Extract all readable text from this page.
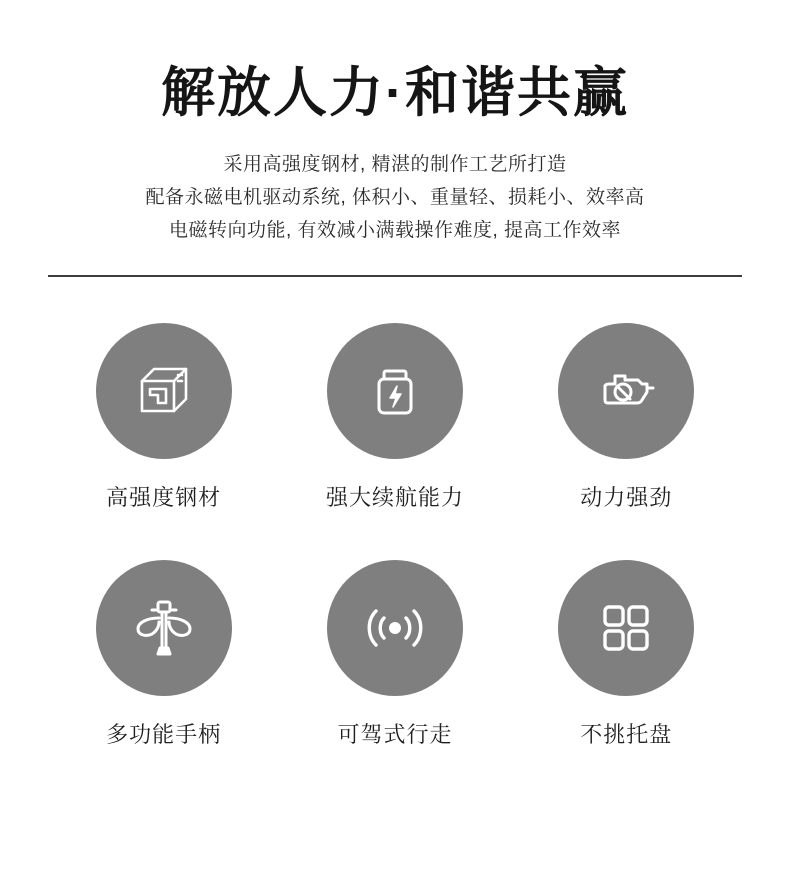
解放人力·和谐共赢
采用高强度钢材, 精湛的制作工艺所打造
配备永磁电机驱动系统, 体积小、重量轻、损耗小、效率高
电磁转向功能, 有效减小满载操作难度, 提高工作效率
高强度钢材	强大续航能力	动力强劲
多功能手柄	可驾式行走	不挑托盘
